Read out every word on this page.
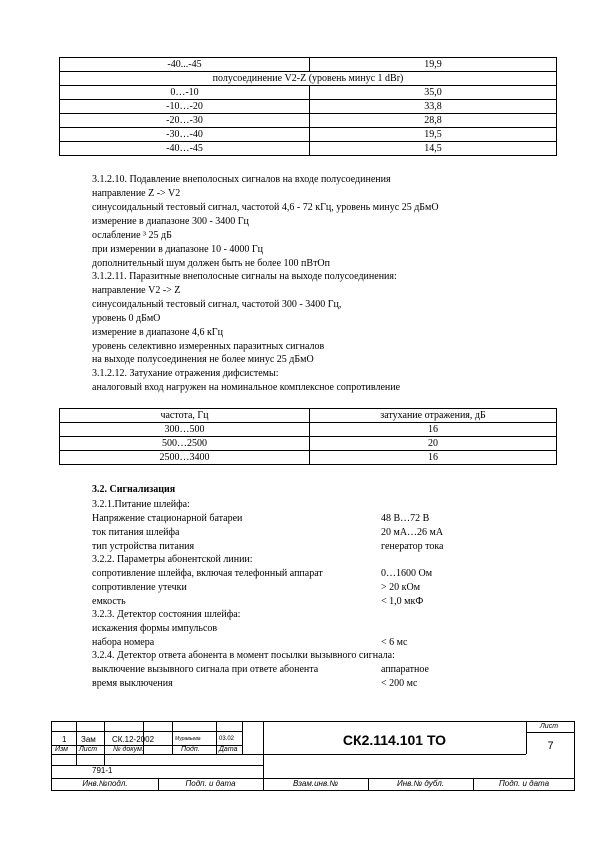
-40...-45	19,9
полусоединение V2-Z (уровень минус 1 dBr)	
0…-10	35,0
-10…-20	33,8
-20…-30	28,8
-30…-40	19,5
-40…-45	14,5
3.1.2.10. Подавление внеполосных сигналов на входе полусоединения
направление Z -> V2
синусоидальный тестовый сигнал, частотой 4,6 - 72 кГц, уровень минус 25 дБмО
измерение в диапазоне 300 - 3400 Гц
ослабление ³ 25 дБ
при измерении в диапазоне 10 - 4000 Гц
дополнительный шум должен быть не более 100 пВтОп
3.1.2.11. Паразитные внеполосные сигналы на выходе полусоединения:
направление V2 -> Z
синусоидальный тестовый сигнал, частотой 300 - 3400 Гц,
уровень 0 дБмО
измерение в диапазоне 4,6 кГц
уровень селективно измеренных паразитных сигналов
на выходе полусоединения не более минус 25 дБмО
3.1.2.12. Затухание отражения дифсистемы:
аналоговый вход нагружен на номинальное комплексное сопротивление
частота, Гц	затухание отражения, дБ
300…500	16
500…2500	20
2500…3400	16
3.2. Сигнализация
3.2.1.Питание шлейфа:
Напряжение стационарной батареи	48 В…72 В
ток питания шлейфа	20 мА…26 мА
тип устройства питания	генератор тока
3.2.2. Параметры абонентской линии:
сопротивление шлейфа, включая телефонный аппарат	0…1600 Ом
сопротивление утечки	> 20 кОм
емкость	< 1,0 мкФ
3.2.3. Детектор состояния шлейфа:
искажения формы импульсов
набора номера	< 6 мс
3.2.4. Детектор ответа абонента в момент посылки вызывного сигнала:
выключение вызывного сигнала при ответе абонента	аппаратное
время выключения	< 200 мс
1 Зам СК.12-2002	Муравьева	03.02
Изм Лист № докум.	Подп.	Дата
СК2.114.101 ТО
Лист
7
791-1
Инв.№подл.	Подп. и дата	Взам.инв.№	Инв.№ дубл.	Подп. и дата
